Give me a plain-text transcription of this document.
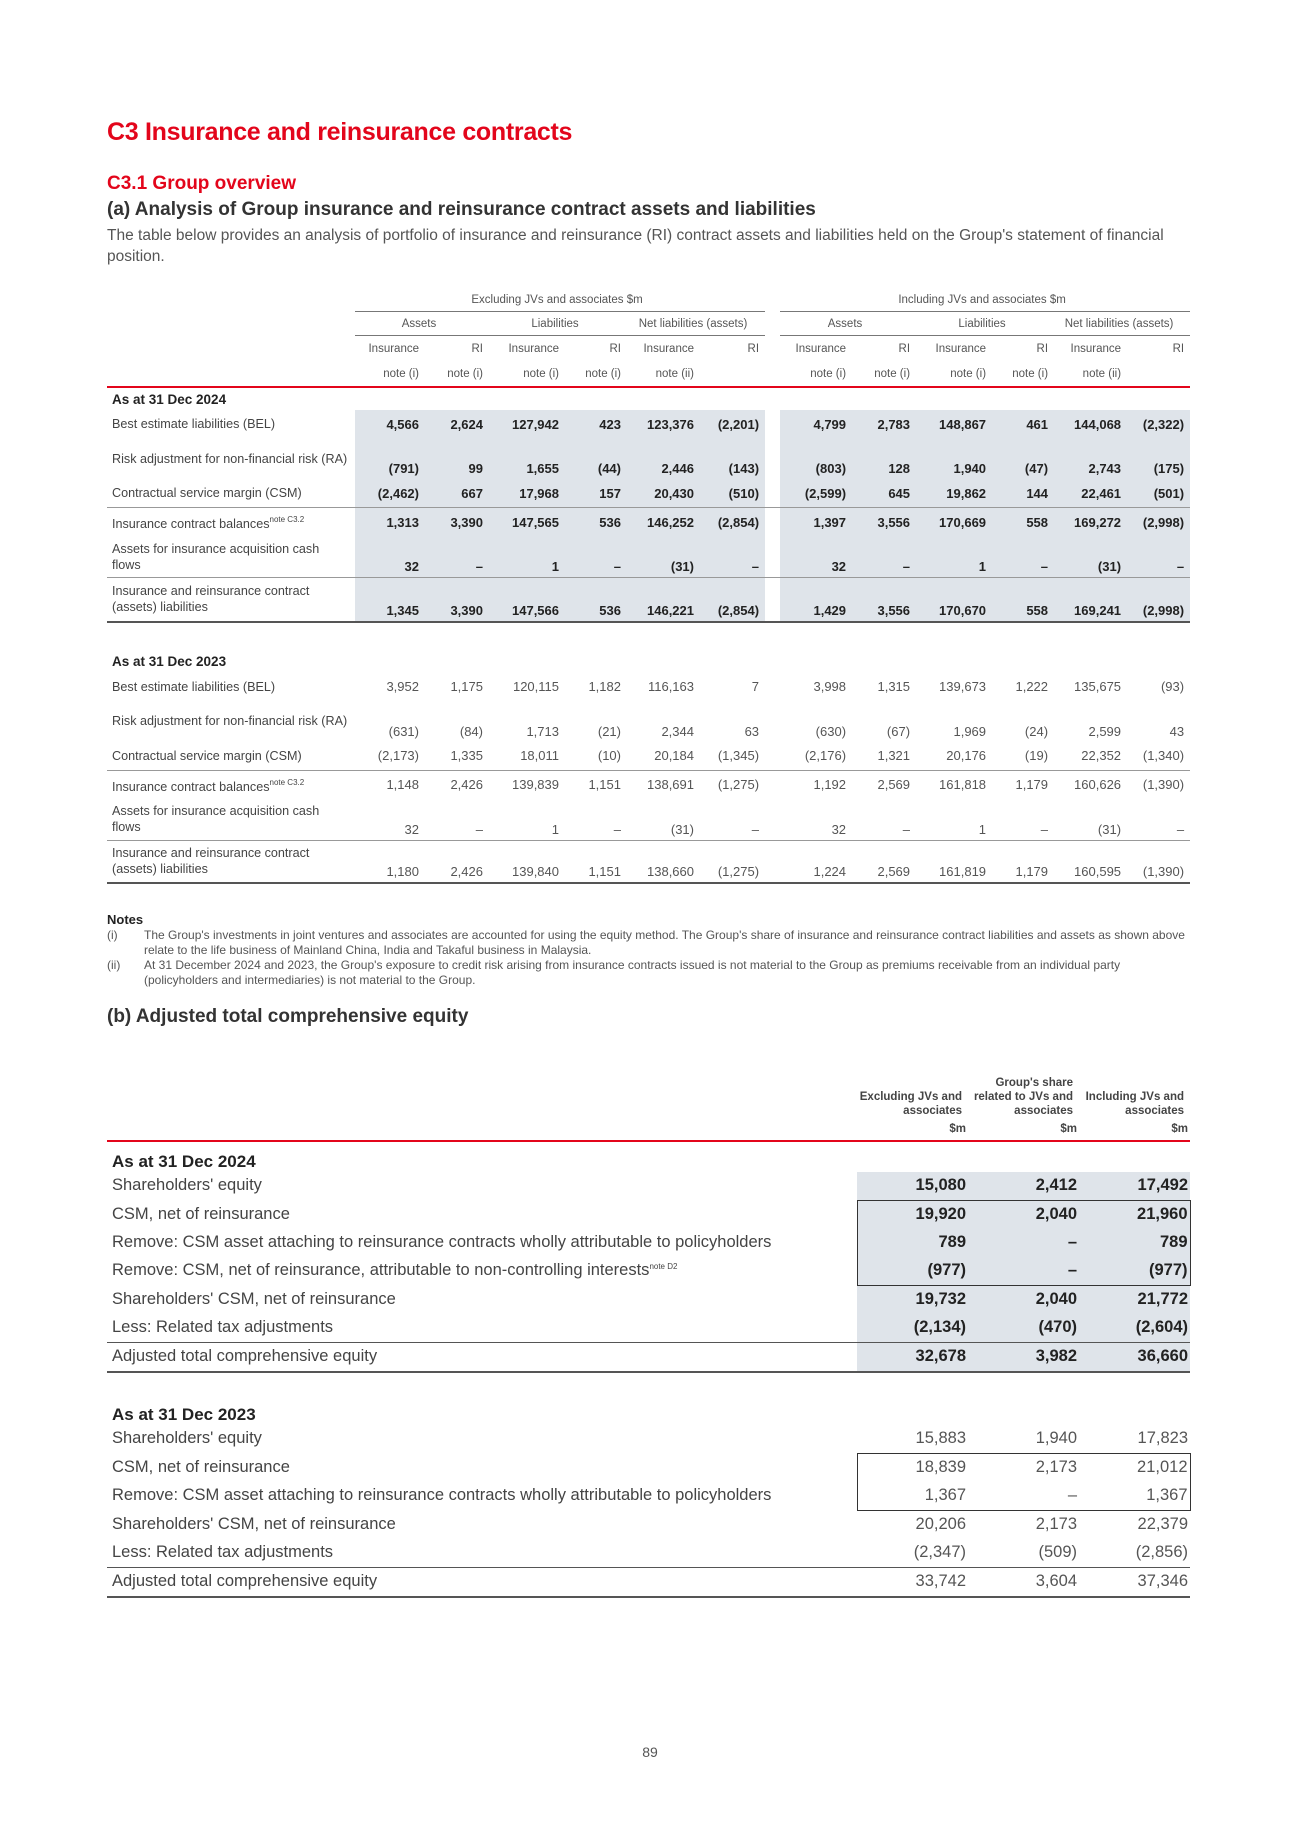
C3 Insurance and reinsurance contracts
C3.1 Group overview
(a) Analysis of Group insurance and reinsurance contract assets and liabilities

The table below provides an analysis of portfolio of insurance and reinsurance (RI) contract assets and liabilities held on the Group's statement of financial position.

	Excluding JVs and associates $m							Including JVs and associates $m					
	Assets		Liabilities		Net liabilities (assets)			Assets		Liabilities		Net liabilities (assets)	
	Insurance	RI	Insurance	RI	Insurance	RI		Insurance	RI	Insurance	RI	Insurance	RI
	note (i)	note (i)	note (i)	note (i)	note (ii)			note (i)	note (i)	note (i)	note (i)	note (ii)	
As at 31 Dec 2024													
Best estimate liabilities (BEL)	4,566	2,624	127,942	423	123,376	(2,201)		4,799	2,783	148,867	461	144,068	(2,322)
Risk adjustment for non-financial risk (RA)	(791)	99	1,655	(44)	2,446	(143)		(803)	128	1,940	(47)	2,743	(175)
Contractual service margin (CSM)	(2,462)	667	17,968	157	20,430	(510)		(2,599)	645	19,862	144	22,461	(501)
Insurance contract balances$^{note C3.2}$	1,313	3,390	147,565	536	146,252	(2,854)		1,397	3,556	170,669	558	169,272	(2,998)
Assets for insurance acquisition cash flows	32	–	1	–	(31)	–		32	–	1	–	(31)	–
Insurance and reinsurance contract (assets) liabilities	1,345	3,390	147,566	536	146,221	(2,854)		1,429	3,556	170,670	558	169,241	(2,998)

As at 31 Dec 2023													
Best estimate liabilities (BEL)	3,952	1,175	120,115	1,182	116,163	7		3,998	1,315	139,673	1,222	135,675	(93)
Risk adjustment for non-financial risk (RA)	(631)	(84)	1,713	(21)	2,344	63		(630)	(67)	1,969	(24)	2,599	43
Contractual service margin (CSM)	(2,173)	1,335	18,011	(10)	20,184	(1,345)		(2,176)	1,321	20,176	(19)	22,352	(1,340)
Insurance contract balances$^{note C3.2}$	1,148	2,426	139,839	1,151	138,691	(1,275)		1,192	2,569	161,818	1,179	160,626	(1,390)
Assets for insurance acquisition cash flows	32	–	1	–	(31)	–		32	–	1	–	(31)	–
Insurance and reinsurance contract (assets) liabilities	1,180	2,426	139,840	1,151	138,660	(1,275)		1,224	2,569	161,819	1,179	160,595	(1,390)
Notes
(i)	The Group's investments in joint ventures and associates are accounted for using the equity method. The Group's share of insurance and reinsurance contract liabilities and assets as shown above relate to the life business of Mainland China, India and Takaful business in Malaysia.
(ii)	At 31 December 2024 and 2023, the Group's exposure to credit risk arising from insurance contracts issued is not material to the Group as premiums receivable from an individual party (policyholders and intermediaries) is not material to the Group.
(b) Adjusted total comprehensive equity
	Excluding JVs and associates	Group's share related to JVs and associates	Including JVs and associates
	$m	$m	$m
As at 31 Dec 2024			
Shareholders' equity	15,080	2,412	17,492
CSM, net of reinsurance	19,920	2,040	21,960
Remove: CSM asset attaching to reinsurance contracts wholly attributable to policyholders	789	–	789
Remove: CSM, net of reinsurance, attributable to non-controlling interests$^{note D2}$	(977)	–	(977)
Shareholders' CSM, net of reinsurance	19,732	2,040	21,772
Less: Related tax adjustments	(2,134)	(470)	(2,604)
Adjusted total comprehensive equity	32,678	3,982	36,660

As at 31 Dec 2023			
Shareholders' equity	15,883	1,940	17,823
CSM, net of reinsurance	18,839	2,173	21,012
Remove: CSM asset attaching to reinsurance contracts wholly attributable to policyholders	1,367	–	1,367
Shareholders' CSM, net of reinsurance	20,206	2,173	22,379
Less: Related tax adjustments	(2,347)	(509)	(2,856)
Adjusted total comprehensive equity	33,742	3,604	37,346
89
